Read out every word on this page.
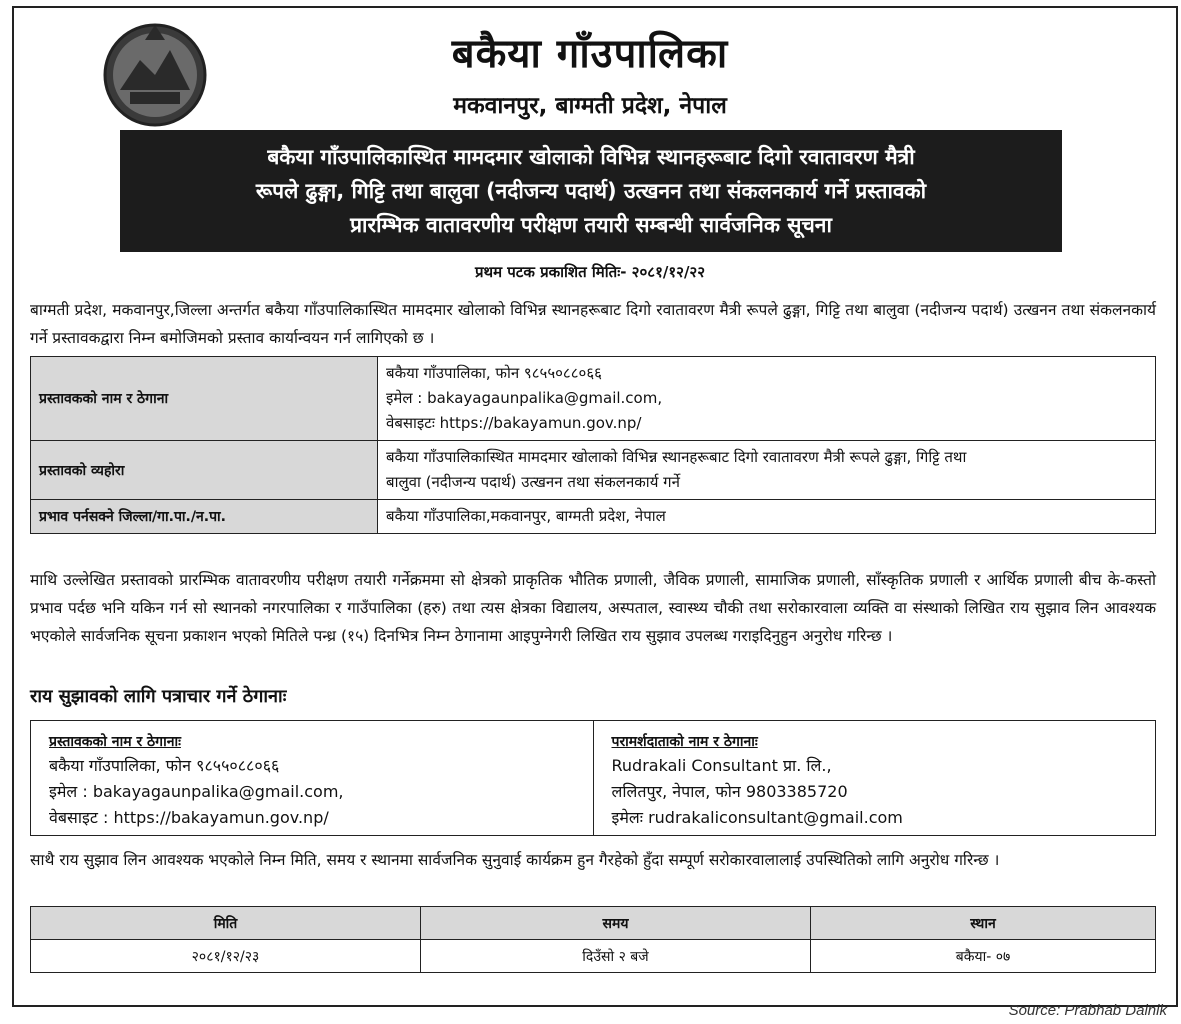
बकैया गाँउपालिका
मकवानपुर, बाग्मती प्रदेश, नेपाल
बकैया गाँउपालिकास्थित मामदमार खोलाको विभिन्न स्थानहरूबाट दिगो रवातावरण मैत्री
रूपले ढुङ्गा, गिट्टि तथा बालुवा (नदीजन्य पदार्थ) उत्खनन तथा संकलनकार्य गर्ने प्रस्तावको
प्रारम्भिक वातावरणीय परीक्षण तयारी सम्बन्धी सार्वजनिक सूचना
प्रथम पटक प्रकाशित मितिः- २०८१/१२/२२
बाग्मती प्रदेश, मकवानपुर,जिल्ला अन्तर्गत बकैया गाँउपालिकास्थित मामदमार खोलाको विभिन्न स्थानहरूबाट दिगो रवातावरण मैत्री रूपले ढुङ्गा, गिट्टि तथा बालुवा (नदीजन्य पदार्थ) उत्खनन तथा संकलनकार्य गर्ने प्रस्तावकद्वारा निम्न बमोजिमको प्रस्ताव कार्यान्वयन गर्न लागिएको छ ।
प्रस्तावकको नाम र ठेगाना	बकैया गाँउपालिका, फोन ९८५५०८८०६६
इमेल : bakayagaunpalika@gmail.com,
वेबसाइटः https://bakayamun.gov.np/

प्रस्तावको व्यहोरा	बकैया गाँउपालिकास्थित मामदमार खोलाको विभिन्न स्थानहरूबाट दिगो रवातावरण मैत्री रूपले ढुङ्गा, गिट्टि तथा
बालुवा (नदीजन्य पदार्थ) उत्खनन तथा संकलनकार्य गर्ने

प्रभाव पर्नसक्ने जिल्ला/गा.पा./न.पा.	बकैया गाँउपालिका,मकवानपुर, बाग्मती प्रदेश, नेपाल
माथि उल्लेखित प्रस्तावको प्रारम्भिक वातावरणीय परीक्षण तयारी गर्नेक्रममा सो क्षेत्रको प्राकृतिक भौतिक प्रणाली, जैविक प्रणाली, सामाजिक प्रणाली, साँस्कृतिक प्रणाली र आर्थिक प्रणाली बीच के-कस्तो प्रभाव पर्दछ भनि यकिन गर्न सो स्थानको नगरपालिका र गाउँपालिका (हरु) तथा त्यस क्षेत्रका विद्यालय, अस्पताल, स्वास्थ्य चौकी तथा सरोकारवाला व्यक्ति वा संस्थाको लिखित राय सुझाव लिन आवश्यक भएकोले सार्वजनिक सूचना प्रकाशन भएको मितिले पन्ध्र (१५) दिनभित्र निम्न ठेगानामा आइपुग्नेगरी लिखित राय सुझाव उपलब्ध गराइदिनुहुन अनुरोध गरिन्छ ।
राय सुझावको लागि पत्राचार गर्ने ठेगानाः
प्रस्तावकको नाम र ठेगानाः
बकैया गाँउपालिका, फोन ९८५५०८८०६६
इमेल : bakayagaunpalika@gmail.com,
वेबसाइट : https://bakayamun.gov.np/
परामर्शदाताको नाम र ठेगानाः
Rudrakali Consultant प्रा. लि.,
ललितपुर, नेपाल, फोन 9803385720
इमेलः rudrakaliconsultant@gmail.com
साथै राय सुझाव लिन आवश्यक भएकोले निम्न मिति, समय र स्थानमा सार्वजनिक सुनुवाई कार्यक्रम हुन गैरहेको हुँदा सम्पूर्ण सरोकारवालालाई उपस्थितिको लागि अनुरोध गरिन्छ ।
मिति	समय	स्थान
२०८१/१२/२३	दिउँसो २ बजे	बकैया- ०७
Source: Prabhab Dainik
